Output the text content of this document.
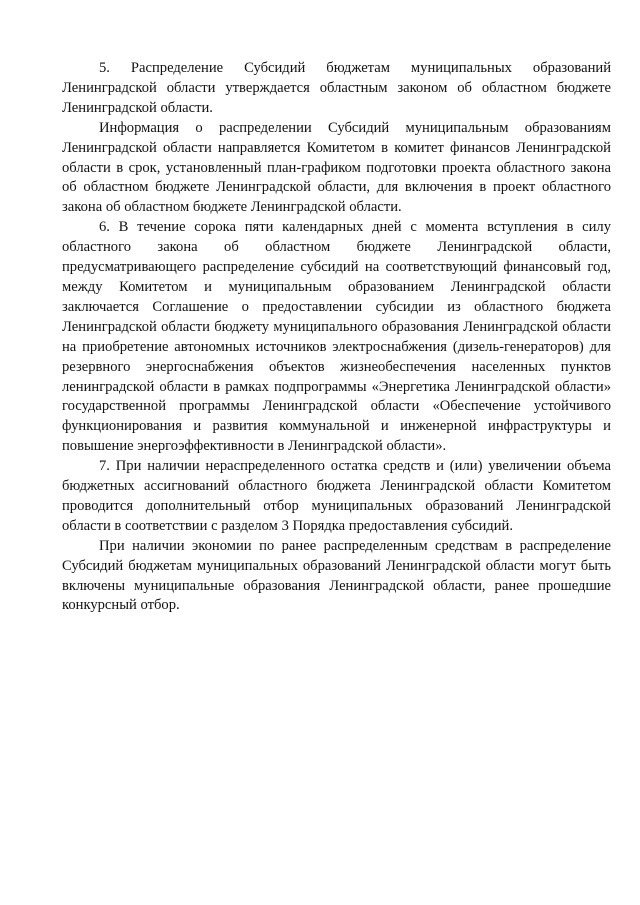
5. Распределение Субсидий бюджетам муниципальных образований Ленинградской области утверждается областным законом об областном бюджете Ленинградской области.

Информация о распределении Субсидий муниципальным образованиям Ленинградской области направляется Комитетом в комитет финансов Ленинградской области в срок, установленный план-графиком подготовки проекта областного закона об областном бюджете Ленинградской области, для включения в проект областного закона об областном бюджете Ленинградской области.

6. В течение сорока пяти календарных дней с момента вступления в силу областного закона об областном бюджете Ленинградской области, предусматривающего распределение субсидий на соответствующий финансовый год, между Комитетом и муниципальным образованием Ленинградской области заключается Соглашение о предоставлении субсидии из областного бюджета Ленинградской области бюджету муниципального образования Ленинградской области на приобретение автономных источников электроснабжения (дизель-генераторов) для резервного энергоснабжения объектов жизнеобеспечения населенных пунктов ленинградской области в рамках подпрограммы «Энергетика Ленинградской области» государственной программы Ленинградской области «Обеспечение устойчивого функционирования и развития коммунальной и инженерной инфраструктуры и повышение энергоэффективности в Ленинградской области».

7. При наличии нераспределенного остатка средств и (или) увеличении объема бюджетных ассигнований областного бюджета Ленинградской области Комитетом проводится дополнительный отбор муниципальных образований Ленинградской области в соответствии с разделом 3 Порядка предоставления субсидий.

При наличии экономии по ранее распределенным средствам в распределение Субсидий бюджетам муниципальных образований Ленинградской области могут быть включены муниципальные образования Ленинградской области, ранее прошедшие конкурсный отбор.
